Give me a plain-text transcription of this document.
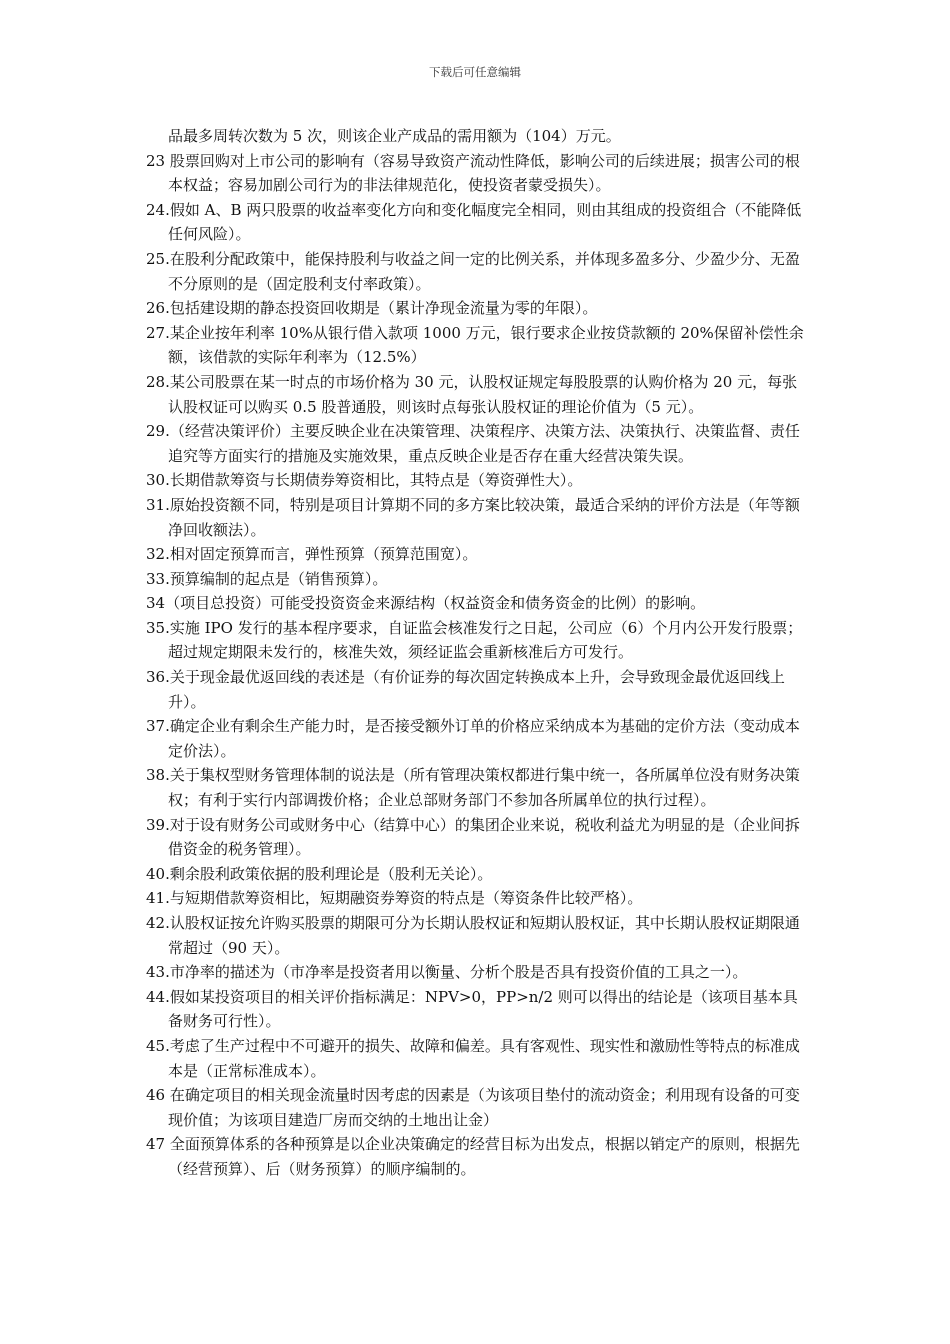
下载后可任意编辑

品最多周转次数为 5 次，则该企业产成品的需用额为（104）万元。

23 股票回购对上市公司的影响有（容易导致资产流动性降低，影响公司的后续进展；损害公司的根本权益；容易加剧公司行为的非法律规范化，使投资者蒙受损失）。

24.假如 A、B 两只股票的收益率变化方向和变化幅度完全相同，则由其组成的投资组合（不能降低任何风险）。

25.在股利分配政策中，能保持股利与收益之间一定的比例关系，并体现多盈多分、少盈少分、无盈不分原则的是（固定股利支付率政策）。

26.包括建设期的静态投资回收期是（累计净现金流量为零的年限）。

27.某企业按年利率 10%从银行借入款项 1000 万元，银行要求企业按贷款额的 20%保留补偿性余额，该借款的实际年利率为（12.5%）

28.某公司股票在某一时点的市场价格为 30 元，认股权证规定每股股票的认购价格为 20 元，每张认股权证可以购买 0.5 股普通股，则该时点每张认股权证的理论价值为（5 元）。

29.（经营决策评价）主要反映企业在决策管理、决策程序、决策方法、决策执行、决策监督、责任追究等方面实行的措施及实施效果，重点反映企业是否存在重大经营决策失误。

30.长期借款筹资与长期债券筹资相比，其特点是（筹资弹性大）。

31.原始投资额不同，特别是项目计算期不同的多方案比较决策，最适合采纳的评价方法是（年等额净回收额法）。

32.相对固定预算而言，弹性预算（预算范围宽）。

33.预算编制的起点是（销售预算）。

34（项目总投资）可能受投资资金来源结构（权益资金和债务资金的比例）的影响。

35.实施 IPO 发行的基本程序要求，自证监会核准发行之日起，公司应（6）个月内公开发行股票；超过规定期限未发行的，核准失效，须经证监会重新核准后方可发行。

36.关于现金最优返回线的表述是（有价证券的每次固定转换成本上升，会导致现金最优返回线上升）。

37.确定企业有剩余生产能力时，是否接受额外订单的价格应采纳成本为基础的定价方法（变动成本定价法）。

38.关于集权型财务管理体制的说法是（所有管理决策权都进行集中统一，各所属单位没有财务决策权；有利于实行内部调拨价格；企业总部财务部门不参加各所属单位的执行过程）。

39.对于设有财务公司或财务中心（结算中心）的集团企业来说，税收利益尤为明显的是（企业间拆借资金的税务管理）。

40.剩余股利政策依据的股利理论是（股利无关论）。

41.与短期借款筹资相比，短期融资券筹资的特点是（筹资条件比较严格）。

42.认股权证按允许购买股票的期限可分为长期认股权证和短期认股权证，其中长期认股权证期限通常超过（90 天）。

43.市净率的描述为（市净率是投资者用以衡量、分析个股是否具有投资价值的工具之一）。

44.假如某投资项目的相关评价指标满足：NPV>0，PP>n/2 则可以得出的结论是（该项目基本具备财务可行性）。

45.考虑了生产过程中不可避开的损失、故障和偏差。具有客观性、现实性和激励性等特点的标准成本是（正常标准成本）。

46 在确定项目的相关现金流量时因考虑的因素是（为该项目垫付的流动资金；利用现有设备的可变现价值；为该项目建造厂房而交纳的土地出让金）

47 全面预算体系的各种预算是以企业决策确定的经营目标为出发点，根据以销定产的原则，根据先（经营预算）、后（财务预算）的顺序编制的。
